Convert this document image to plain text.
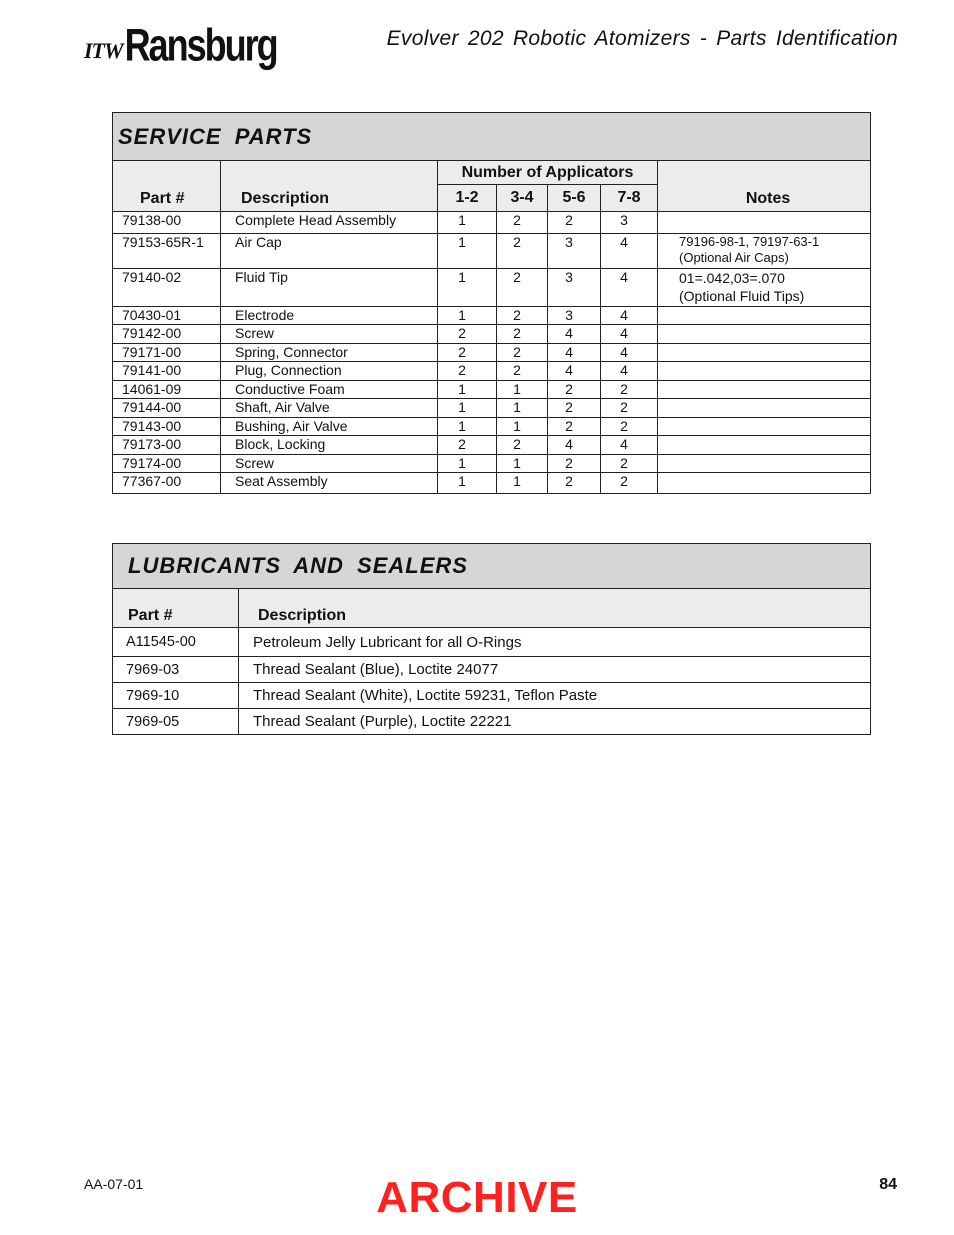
ITW Ransburg	Evolver 202 Robotic Atomizers - Parts Identification
SERVICE PARTS						
Part #	Description	Number of Applicators				Notes
		1-2	3-4	5-6	7-8	
79138-00	Complete Head Assembly	1	2	2	3	

79153-65R-1	Air Cap	1	2	3	4	79196-98-1, 79197-63-1
(Optional Air Caps)

79140-02	Fluid Tip	1	2	3	4	01=.042,03=.070
(Optional Fluid Tips)

70430-01	Electrode	1	2	3	4	

79142-00	Screw	2	2	4	4	

79171-00	Spring, Connector	2	2	4	4	

79141-00	Plug, Connection	2	2	4	4	

14061-09	Conductive Foam	1	1	2	2	

79144-00	Shaft, Air Valve	1	1	2	2	

79143-00	Bushing, Air Valve	1	1	2	2	

79173-00	Block, Locking	2	2	4	4	

79174-00	Screw	1	1	2	2	

77367-00	Seat Assembly	1	1	2	2	
LUBRICANTS AND SEALERS	
Part #	Description
A11545-00	Petroleum Jelly Lubricant for all O-Rings
7969-03	Thread Sealant (Blue), Loctite 24077
7969-10	Thread Sealant (White), Loctite 59231, Teflon Paste
7969-05	Thread Sealant (Purple), Loctite 22221
AA-07-01	ARCHIVE	84
